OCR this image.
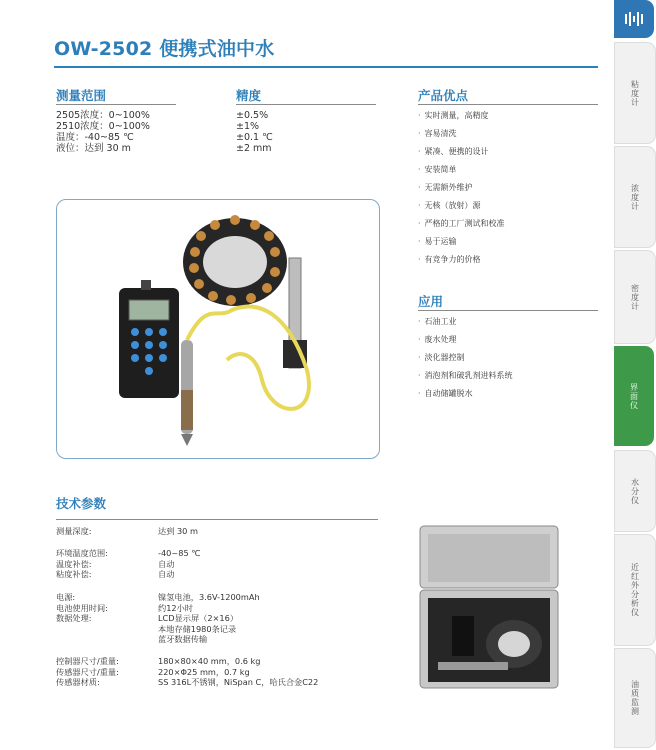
OW-2502 便携式油中水
测量范围
2505浓度：0~100%
2510浓度：0~100%
温度：-40~85 ℃
液位：达到 30 m
精度
±0.5%
±1%
±0.1 ℃
±2 mm
产品优点
· 实时测量，高精度
· 容易清洗
· 紧凑、便携的设计
· 安装简单
· 无需额外维护
· 无核（放射）源
· 严格的工厂测试和校准
· 易于运输
· 有竞争力的价格
应用
· 石油工业
· 废水处理
· 淡化器控制
· 消泡剂和破乳剂进料系统
· 自动储罐脱水
技术参数
测量深度:	达到 30 m
环境温度范围:
温度补偿:
粘度补偿:
-40~85 ℃
自动
自动
电源:
电池使用时间:
数据处理:
镍氢电池，3.6V-1200mAh
约12小时
LCD显示屏（2×16）
本地存储1980条记录
蓝牙数据传输
控制器尺寸/重量:
传感器尺寸/重量:
传感器材质:
180×80×40 mm，0.6 kg
220×Φ25 mm，0.7 kg
SS 316L不锈钢，NiSpan C，哈氏合金C22
粘度计
浓度计
密度计
界面仪
水分仪
近红外分析仪
油质监测
